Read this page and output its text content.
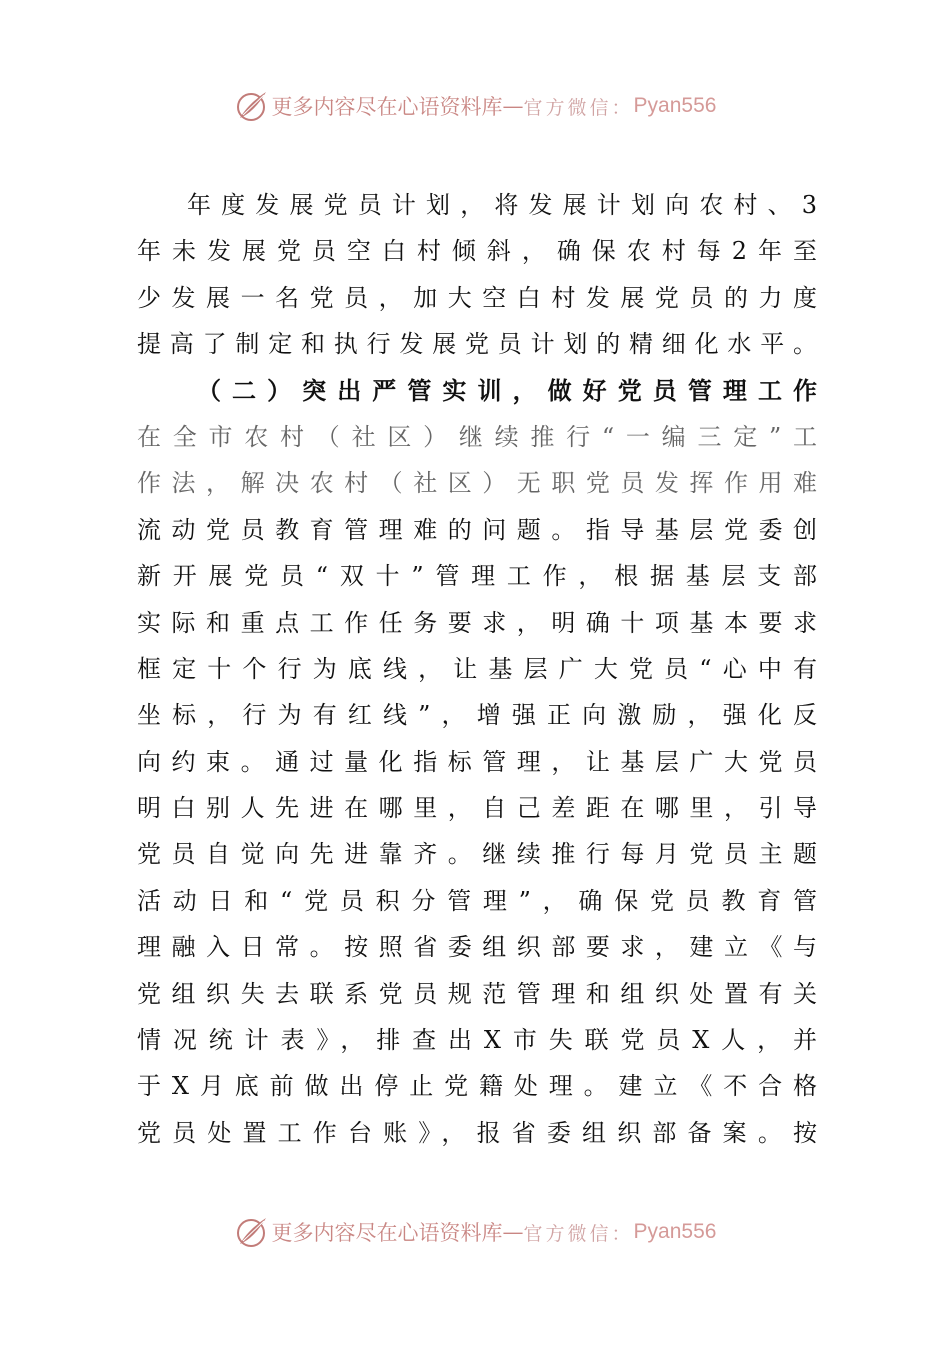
更多内容尽在心语资料库 — 官方微信： Pyan556
年度发展党员计划，将发展计划向农村、3
年未发展党员空白村倾斜，确保农村每2年至
少发展一名党员，加大空白村发展党员的力度
提高了制定和执行发展党员计划的精细化水平。
（二）突出严管实训，做好党员管理工作
在全市农村（社区）继续推行“一编三定”工
作法，解决农村（社区）无职党员发挥作用难
流动党员教育管理难的问题。指导基层党委创
新开展党员“双十”管理工作，根据基层支部
实际和重点工作任务要求，明确十项基本要求
框定十个行为底线，让基层广大党员“心中有
坐标，行为有红线”，增强正向激励，强化反
向约束。通过量化指标管理，让基层广大党员
明白别人先进在哪里，自己差距在哪里，引导
党员自觉向先进靠齐。继续推行每月党员主题
活动日和“党员积分管理”，确保党员教育管
理融入日常。按照省委组织部要求，建立《与
党组织失去联系党员规范管理和组织处置有关
情况统计表》，排查出X市失联党员X人，并
于X月底前做出停止党籍处理。建立《不合格
党员处置工作台账》，报省委组织部备案。按
更多内容尽在心语资料库 — 官方微信： Pyan556
